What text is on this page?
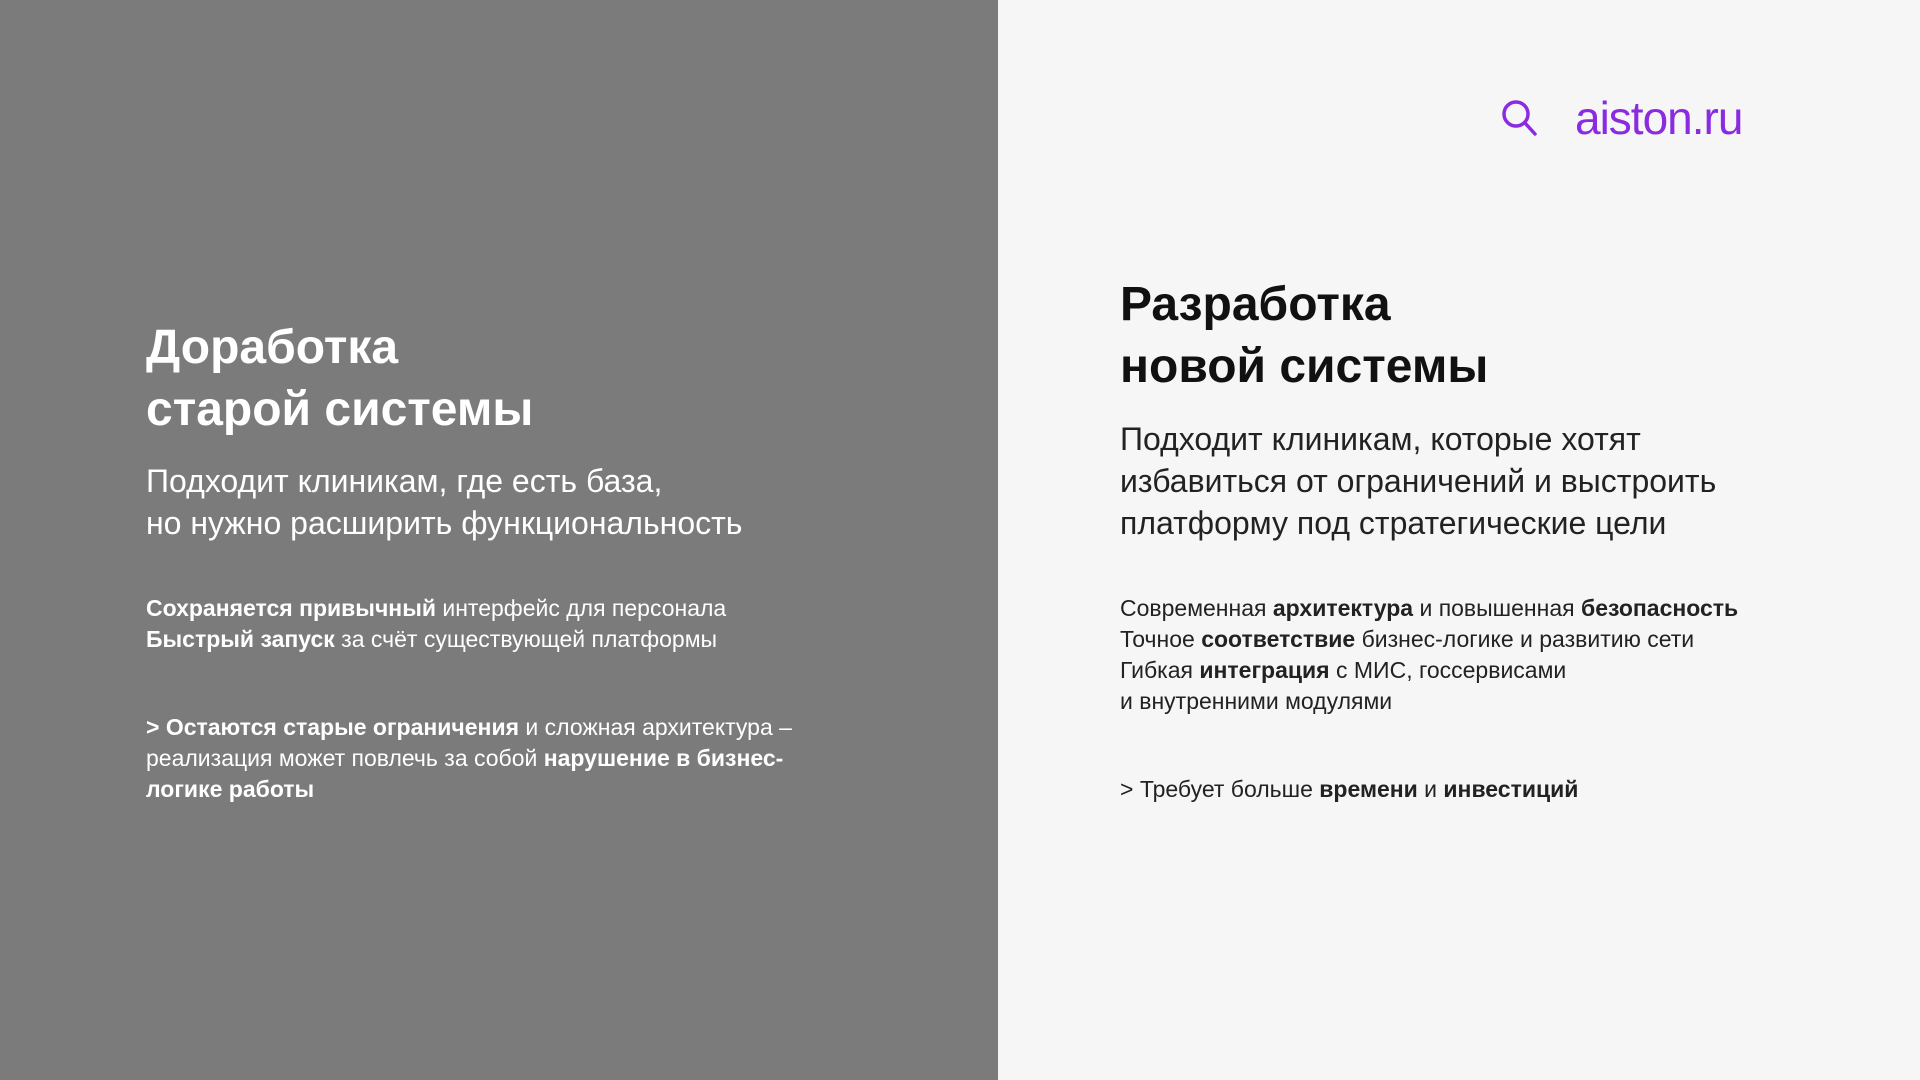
Доработка
старой системы

Подходит клиникам, где есть база,
но нужно расширить функциональность

Сохраняется привычный интерфейс для персонала
Быстрый запуск за счёт существующей платформы
> Остаются старые ограничения и сложная архитектура –
реализация может повлечь за собой нарушение в бизнес-
логике работы
aiston.ru
Разработка
новой системы

Подходит клиникам, которые хотят
избавиться от ограничений и выстроить
платформу под стратегические цели

Современная архитектура и повышенная безопасность
Точное соответствие бизнес-логике и развитию сети
Гибкая интеграция с МИС, госсервисами
и внутренними модулями
> Требует больше времени и инвестиций
